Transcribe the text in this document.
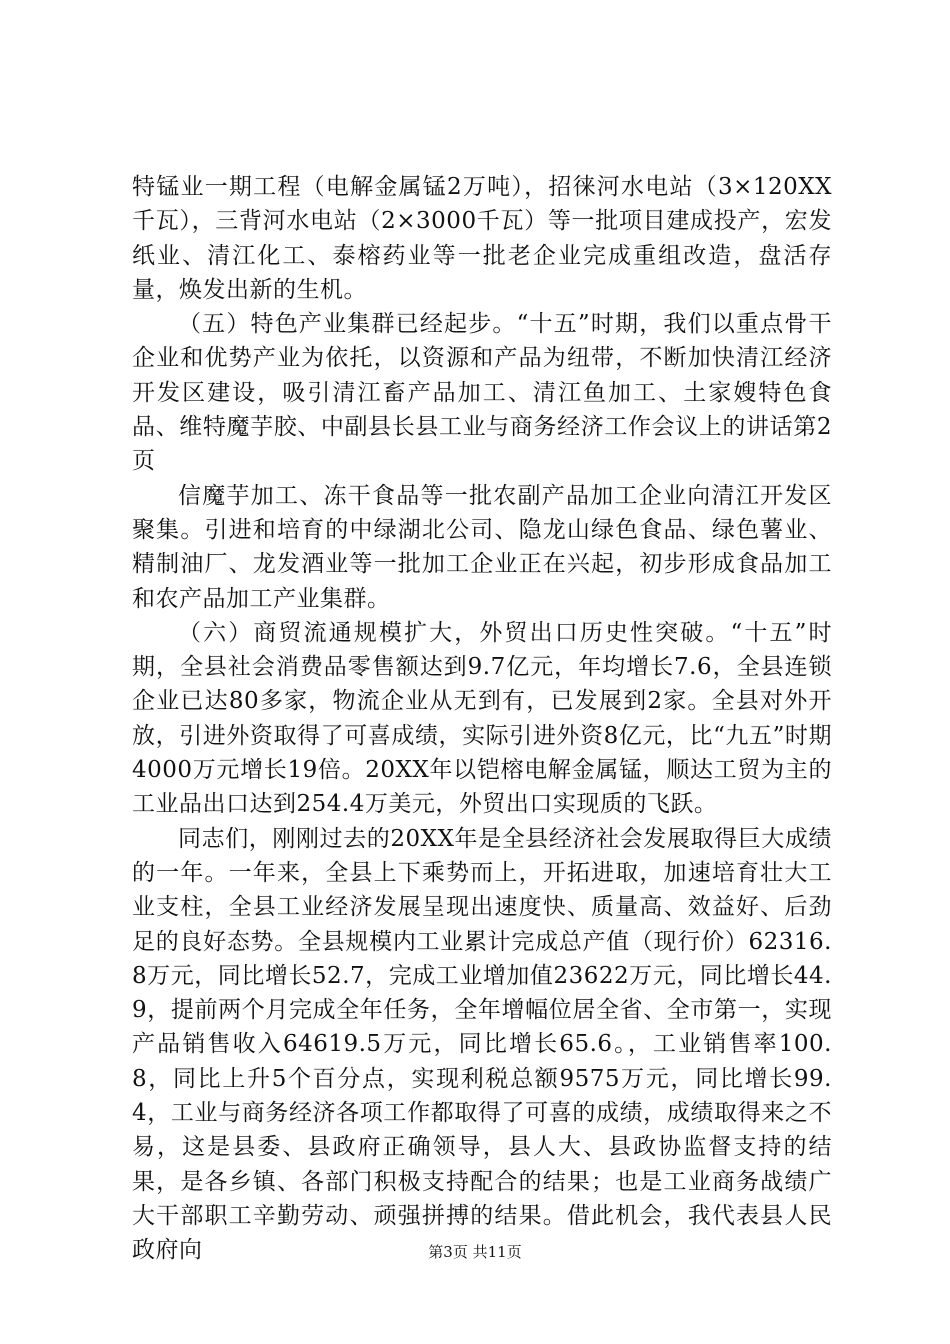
特锰业一期工程（电解金属锰2万吨），招徕河水电站（3×120XX千瓦），三背河水电站（2×3000千瓦）等一批项目建成投产，宏发纸业、清江化工、泰榕药业等一批老企业完成重组改造，盘活存量，焕发出新的生机。

（五）特色产业集群已经起步。“十五”时期，我们以重点骨干企业和优势产业为依托，以资源和产品为纽带，不断加快清江经济开发区建设，吸引清江畜产品加工、清江鱼加工、土家嫂特色食品、维特魔芋胶、中副县长县工业与商务经济工作会议上的讲话第2页

信魔芋加工、冻干食品等一批农副产品加工企业向清江开发区聚集。引进和培育的中绿湖北公司、隐龙山绿色食品、绿色薯业、精制油厂、龙发酒业等一批加工企业正在兴起，初步形成食品加工和农产品加工产业集群。

（六）商贸流通规模扩大，外贸出口历史性突破。“十五”时期，全县社会消费品零售额达到9.7亿元，年均增长7.6，全县连锁企业已达80多家，物流企业从无到有，已发展到2家。全县对外开放，引进外资取得了可喜成绩，实际引进外资8亿元，比“九五”时期4000万元增长19倍。20XX年以铠榕电解金属锰，顺达工贸为主的工业品出口达到254.4万美元，外贸出口实现质的飞跃。

同志们，刚刚过去的20XX年是全县经济社会发展取得巨大成绩的一年。一年来，全县上下乘势而上，开拓进取，加速培育壮大工业支柱，全县工业经济发展呈现出速度快、质量高、效益好、后劲足的良好态势。全县规模内工业累计完成总产值（现行价）62316.8万元，同比增长52.7，完成工业增加值23622万元，同比增长44.9，提前两个月完成全年任务，全年增幅位居全省、全市第一，实现产品销售收入64619.5万元，同比增长65.6。，工业销售率100.8，同比上升5个百分点，实现利税总额9575万元，同比增长99.4，工业与商务经济各项工作都取得了可喜的成绩，成绩取得来之不易，这是县委、县政府正确领导，县人大、县政协监督支持的结果，是各乡镇、各部门积极支持配合的结果；也是工业商务战绩广大干部职工辛勤劳动、顽强拼搏的结果。借此机会，我代表县人民政府向	第3页 共11页
